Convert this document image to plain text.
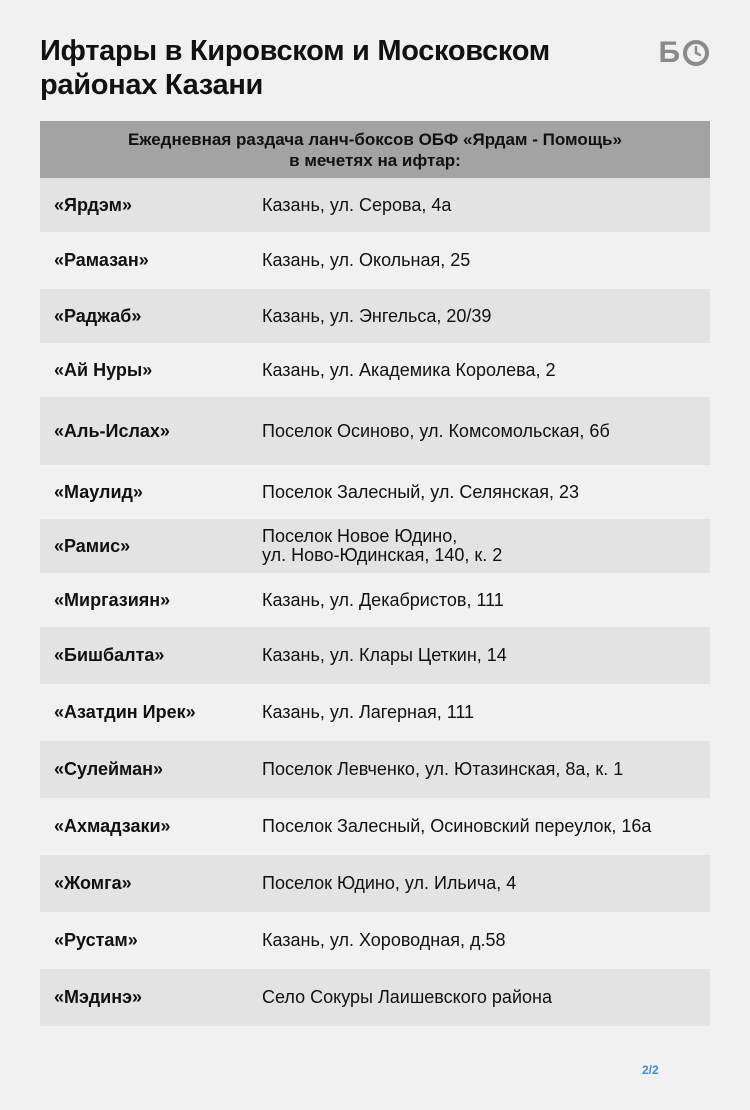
Ифтары в Кировском и Московском
районах Казани
Б
Ежедневная раздача ланч-боксов ОБФ «Ярдам - Помощь»
в мечетях на ифтар:
«Ярдэм»	Казань, ул. Серова, 4а
«Рамазан»	Казань, ул. Окольная, 25
«Раджаб»	Казань, ул. Энгельса, 20/39
«Ай Нуры»	Казань, ул. Академика Королева, 2
«Аль-Ислах»	Поселок Осиново, ул. Комсомольская, 6б
«Маулид»	Поселок Залесный, ул. Селянская, 23
«Рамис»	Поселок Новое Юдино,
ул. Ново-Юдинская, 140, к. 2
«Миргазиян»	Казань, ул. Декабристов, 111
«Бишбалта»	Казань, ул. Клары Цеткин, 14
«Азатдин Ирек»	Казань, ул. Лагерная, 111
«Сулейман»	Поселок Левченко, ул. Ютазинская, 8а, к. 1
«Ахмадзаки»	Поселок Залесный, Осиновский переулок, 16а
«Жомга»	Поселок Юдино, ул. Ильича, 4
«Рустам»	Казань, ул. Хороводная, д.58
«Мэдинэ»	Село Сокуры Лаишевского района
2/2
